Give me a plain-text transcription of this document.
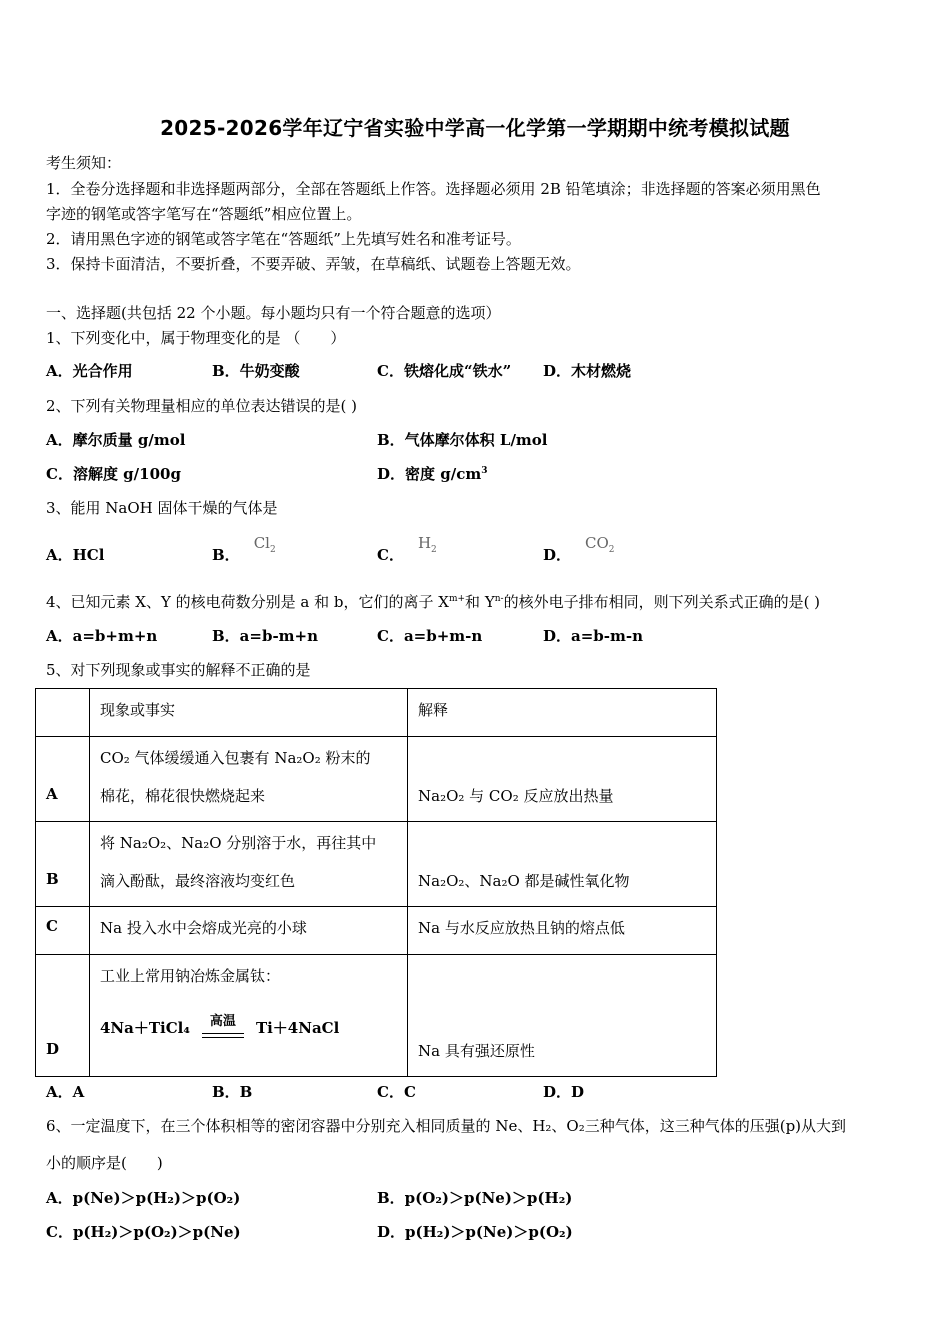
2025-2026学年辽宁省实验中学高一化学第一学期期中统考模拟试题
考生须知：
1．全卷分选择题和非选择题两部分，全部在答题纸上作答。选择题必须用 2B 铅笔填涂；非选择题的答案必须用黑色
字迹的钢笔或答字笔写在“答题纸”相应位置上。
2．请用黑色字迹的钢笔或答字笔在“答题纸”上先填写姓名和准考证号。
3．保持卡面清洁，不要折叠，不要弄破、弄皱，在草稿纸、试题卷上答题无效。
一、选择题(共包括 22 个小题。每小题均只有一个符合题意的选项）
1、下列变化中，属于物理变化的是 （　　）
A．光合作用	B．牛奶变酸	C．铁熔化成“铁水” D．木材燃烧
2、下列有关物理量相应的单位表达错误的是( )
A．摩尔质量 g/mol	B．气体摩尔体积 L/mol
C．溶解度 g/100g	D．密度 $g/cm^3$
3、能用 NaOH 固体干燥的气体是
A．HCl	B．$Cl_2$	C．$H_2$	D．$CO_2$
4、已知元素 X、Y 的核电荷数分别是 a 和 b，它们的离子 $X^{m+}$和 $Y^{n-}$的核外电子排布相同，则下列关系式正确的是( )
A．a=b+m+n	B．a=b-m+n	C．a=b+m-n	D．a=b-m-n
5、对下列现象或事实的解释不正确的是

	现象或事实	解释

A	CO₂ 气体缓缓通入包裹有 Na₂O₂ 粉末的
棉花，棉花很快燃烧起来	Na₂O₂ 与 CO₂ 反应放出热量

B	将 Na₂O₂、Na₂O 分别溶于水，再往其中
滴入酚酞，最终溶液均变红色	Na₂O₂、Na₂O 都是碱性氧化物

C	Na 投入水中会熔成光亮的小球	Na 与水反应放热且钠的熔点低

D	工业上常用钠冶炼金属钛：
4Na＋TiCl₄ 高温 Ti＋4NaCl	Na 具有强还原性
A．A	B．B	C．C	D．D
6、一定温度下，在三个体积相等的密闭容器中分别充入相同质量的 Ne、H₂、O₂三种气体，这三种气体的压强(p)从大到
小的顺序是(　　)
A．p(Ne)＞p(H₂)＞p(O₂)	B．p(O₂)＞p(Ne)＞p(H₂)
C．p(H₂)＞p(O₂)＞p(Ne)	D．p(H₂)＞p(Ne)＞p(O₂)
